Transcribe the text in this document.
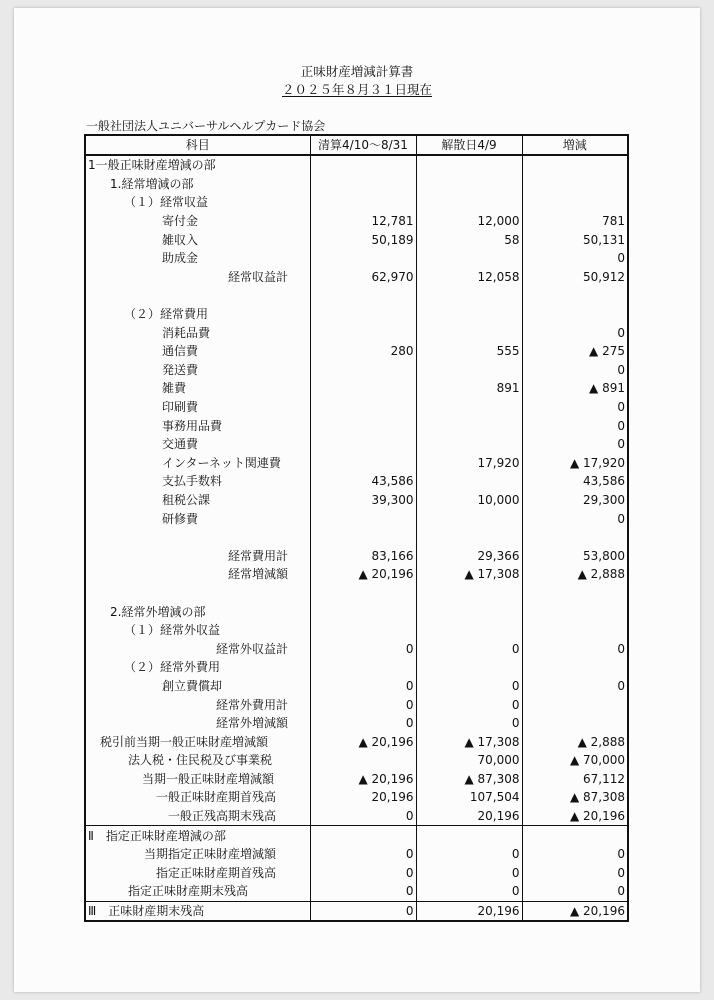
正味財産増減計算書
２０２５年８月３１日現在
一般社団法人ユニバーサルヘルプカード協会
科目	清算4/10～8/31	解散日4/9	増減
1一般正味財産増減の部			
1.経常増減の部			
（１）経常収益			
寄付金	12,781	12,000	781
雑収入	50,189	58	50,131
助成金			0
経常収益計	62,970	12,058	50,912

（２）経常費用			
消耗品費			0
通信費	280	555	▲ 275
発送費			0
雑費		891	▲ 891
印刷費			0
事務用品費			0
交通費			0
インターネット関連費		17,920	▲ 17,920
支払手数料	43,586		43,586
租税公課	39,300	10,000	29,300
研修費			0

経常費用計	83,166	29,366	53,800
経常増減額	▲ 20,196	▲ 17,308	▲ 2,888

2.経常外増減の部			
（１）経常外収益			
経常外収益計	0	0	0
（２）経常外費用			
創立費償却	0	0	0
経常外費用計	0	0	
経常外増減額	0	0	
税引前当期一般正味財産増減額	▲ 20,196	▲ 17,308	▲ 2,888
法人税・住民税及び事業税		70,000	▲ 70,000
当期一般正味財産増減額	▲ 20,196	▲ 87,308	67,112
一般正味財産期首残高	20,196	107,504	▲ 87,308
一般正残高期末残高	0	20,196	▲ 20,196
Ⅱ　指定正味財産増減の部			
当期指定正味財産増減額	0	0	0
指定正味財産期首残高	0	0	0
指定正味財産期末残高	0	0	0
Ⅲ　正味財産期末残高	0	20,196	▲ 20,196
